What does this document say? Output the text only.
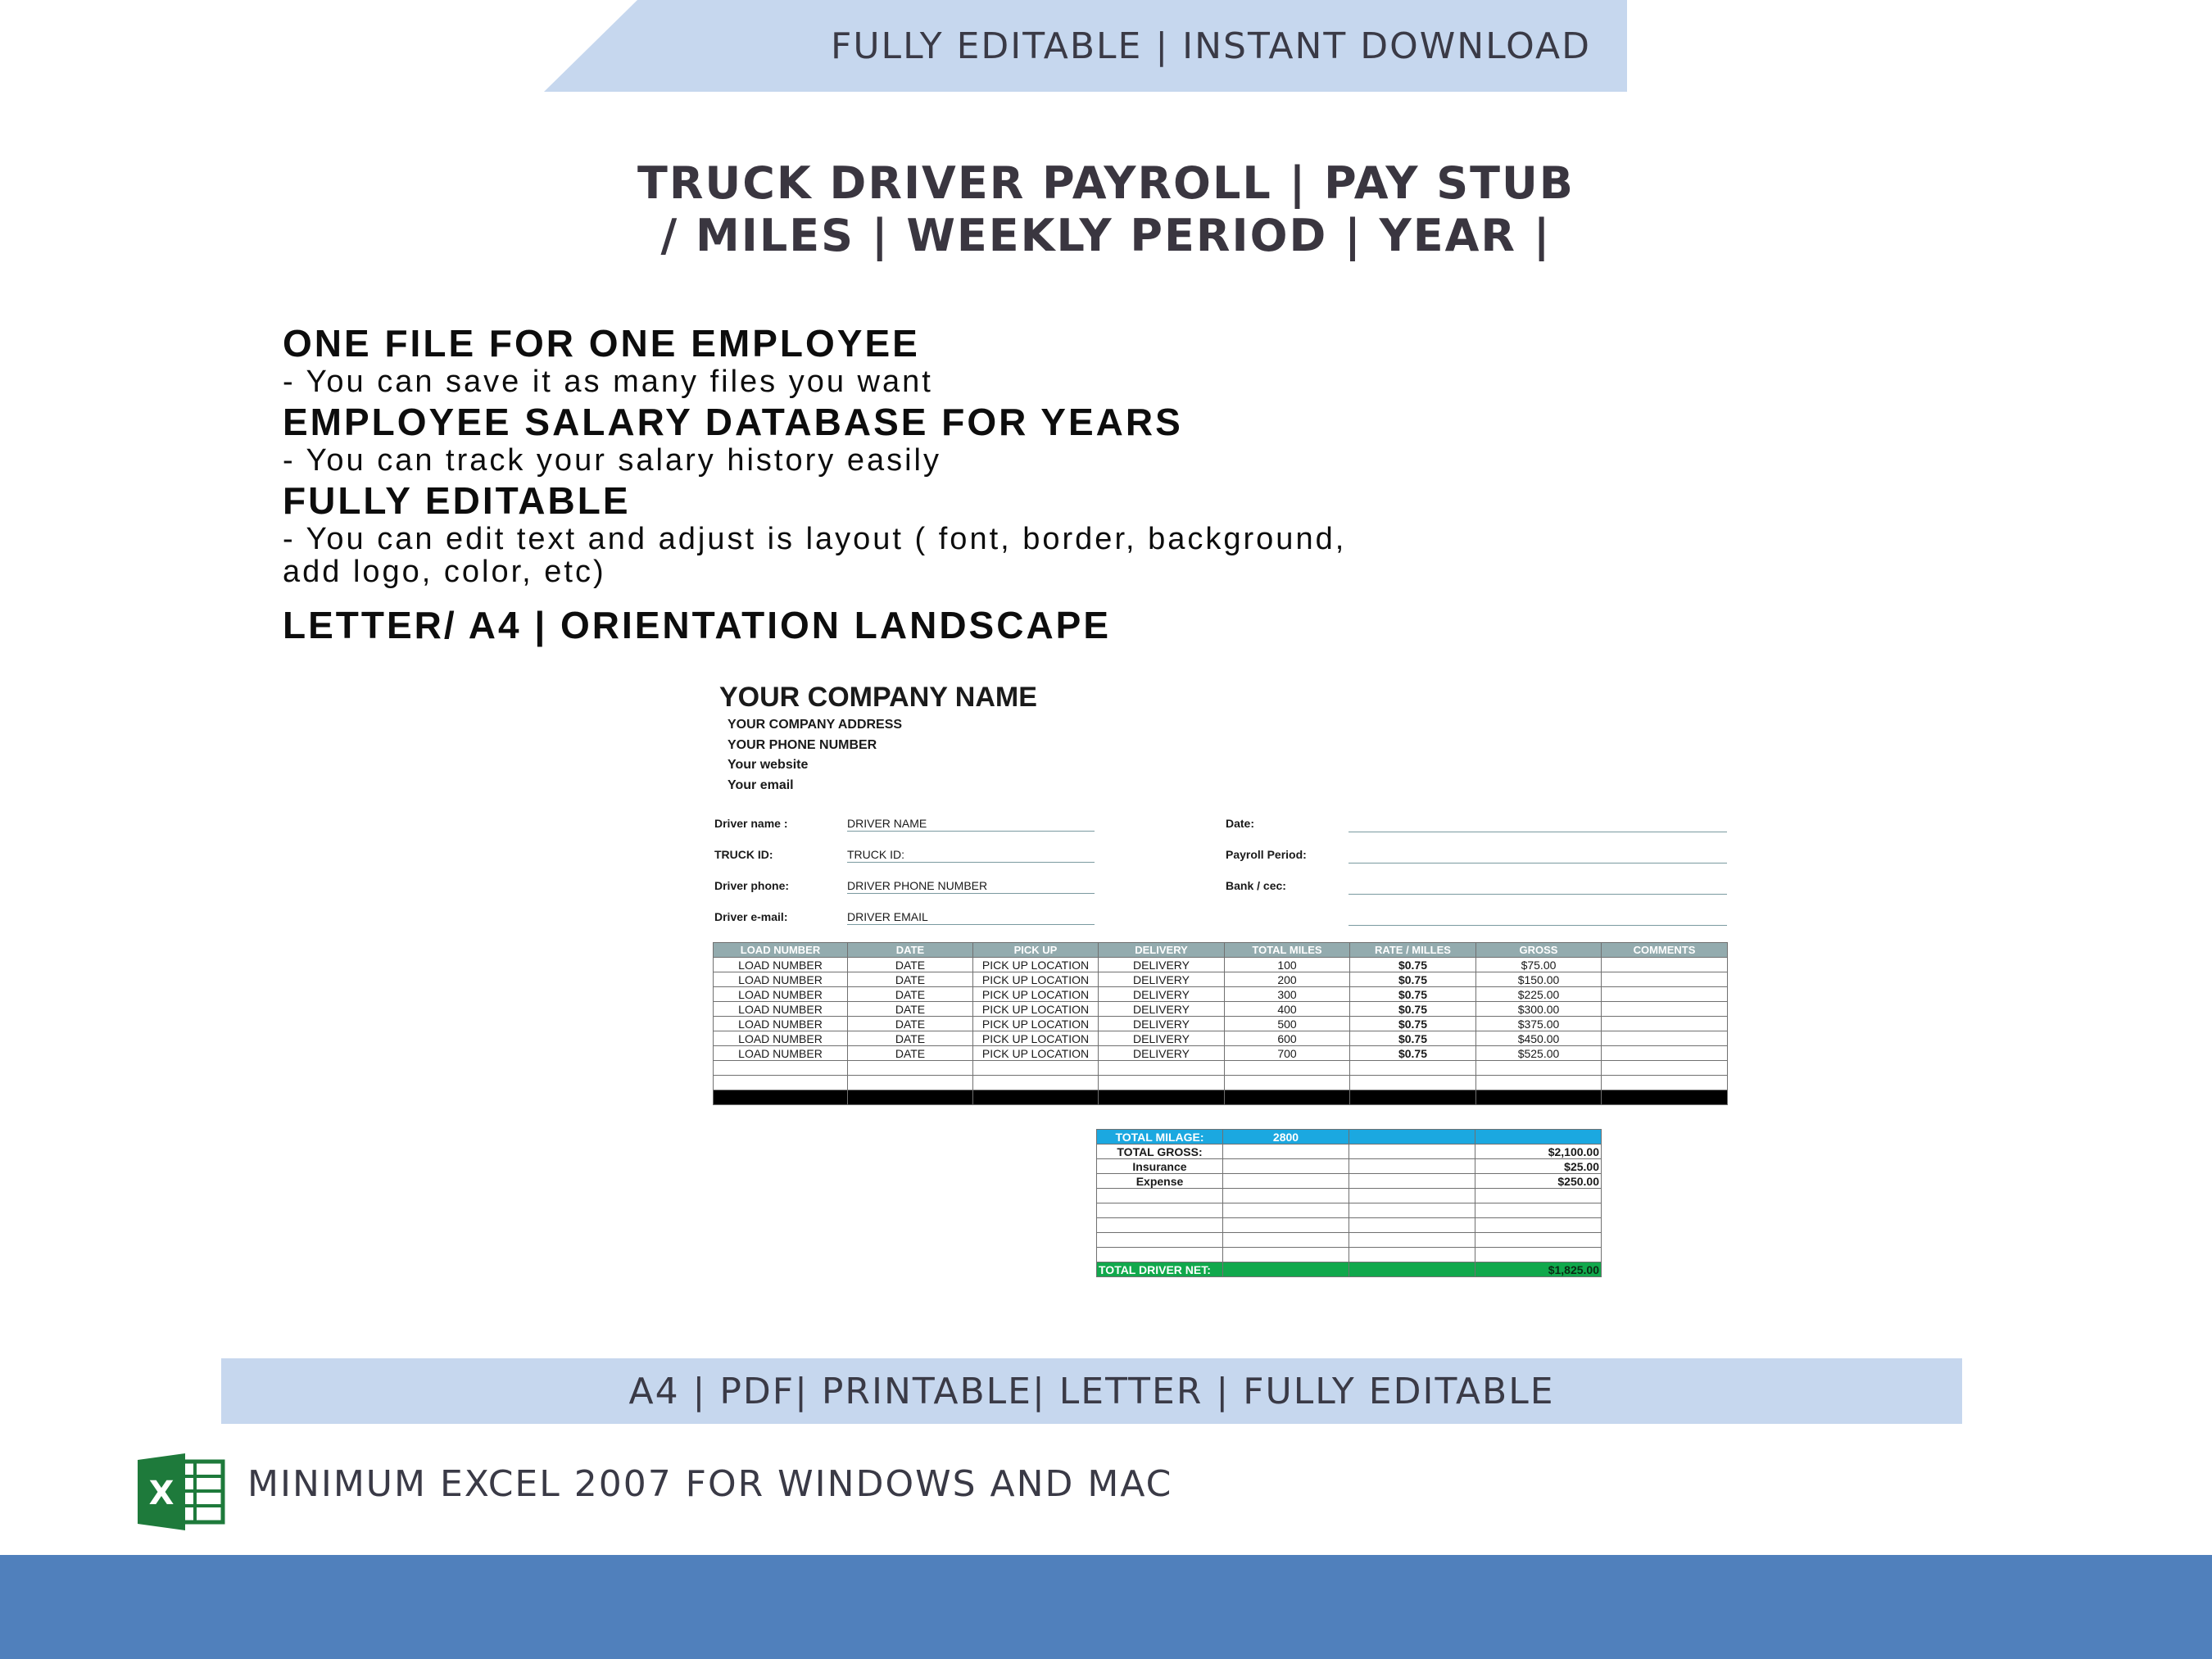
FULLY EDITABLE | INSTANT DOWNLOAD
TRUCK DRIVER PAYROLL | PAY STUB
/ MILES | WEEKLY PERIOD | YEAR |
ONE FILE FOR ONE EMPLOYEE
- You can save it as many files you want
EMPLOYEE SALARY DATABASE FOR YEARS
- You can track your salary history easily
FULLY EDITABLE
- You can edit text and adjust is layout ( font, border, background,
add logo, color, etc)
LETTER/ A4 | ORIENTATION LANDSCAPE
YOUR COMPANY NAME
YOUR COMPANY ADDRESS
YOUR PHONE NUMBER
Your website
Your email
Driver name :	DRIVER NAME
TRUCK ID:	TRUCK ID:
Driver phone:	DRIVER PHONE NUMBER
Driver e-mail:	DRIVER EMAIL
Date:
Payroll Period:
Bank / cec:
LOAD NUMBER	DATE	PICK UP	DELIVERY	TOTAL MILES	RATE / MILLES	GROSS	COMMENTS
LOAD NUMBER	DATE	PICK UP LOCATION	DELIVERY	100	$0.75	$75.00	
LOAD NUMBER	DATE	PICK UP LOCATION	DELIVERY	200	$0.75	$150.00	
LOAD NUMBER	DATE	PICK UP LOCATION	DELIVERY	300	$0.75	$225.00	
LOAD NUMBER	DATE	PICK UP LOCATION	DELIVERY	400	$0.75	$300.00	
LOAD NUMBER	DATE	PICK UP LOCATION	DELIVERY	500	$0.75	$375.00	
LOAD NUMBER	DATE	PICK UP LOCATION	DELIVERY	600	$0.75	$450.00	
LOAD NUMBER	DATE	PICK UP LOCATION	DELIVERY	700	$0.75	$525.00	

TOTAL MILAGE:	2800		
TOTAL GROSS:			$2,100.00
Insurance			$25.00
Expense			$250.00

TOTAL DRIVER NET:			$1,825.00
A4 | PDF| PRINTABLE| LETTER | FULLY EDITABLE
X MINIMUM EXCEL 2007 FOR WINDOWS AND MAC
